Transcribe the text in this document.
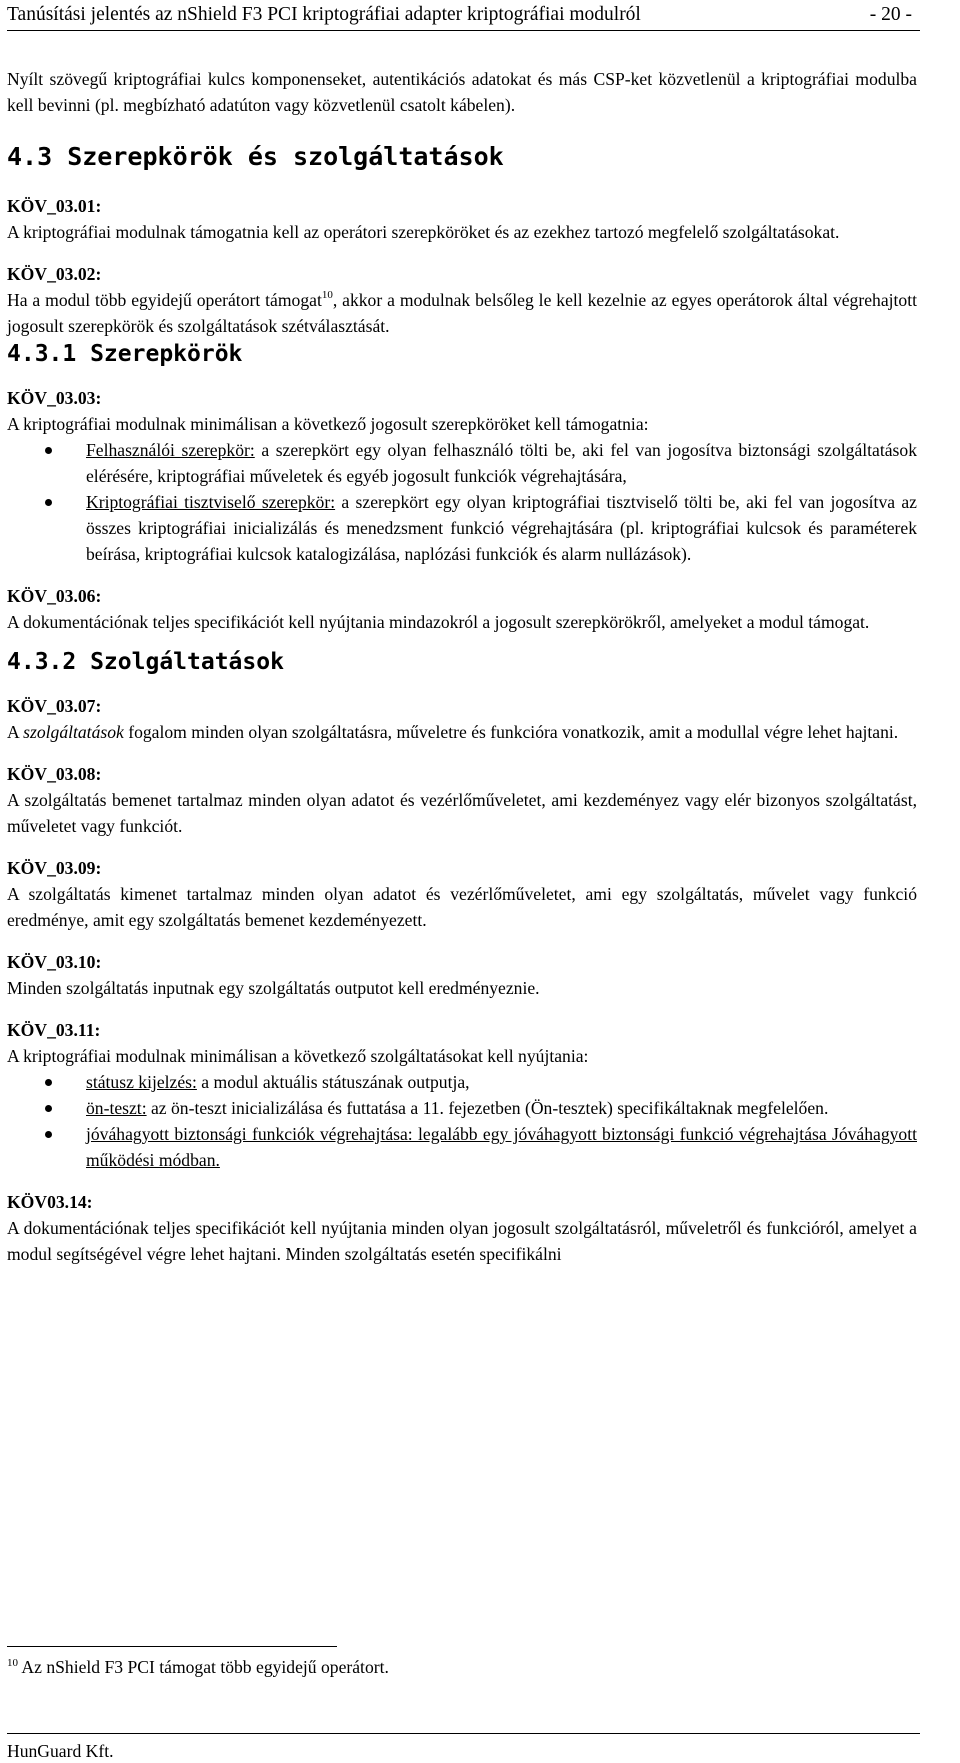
Tanúsítási jelentés az nShield F3 PCI kriptográfiai adapter kriptográfiai modulról	- 20 -

Nyílt szövegű kriptográfiai kulcs komponenseket, autentikációs adatokat és más CSP-ket közvetlenül a kriptográfiai modulba kell bevinni (pl. megbízható adatúton vagy közvetlenül csatolt kábelen).

4.3 Szerepkörök és szolgáltatások

KÖV_03.01:

A kriptográfiai modulnak támogatnia kell az operátori szerepköröket és az ezekhez tartozó megfelelő szolgáltatásokat.

KÖV_03.02:

Ha a modul több egyidejű operátort támogat$^{10}$, akkor a modulnak belsőleg le kell kezelnie az egyes operátorok által végrehajtott jogosult szerepkörök és szolgáltatások szétválasztását.

4.3.1 Szerepkörök

KÖV_03.03:

A kriptográfiai modulnak minimálisan a következő jogosult szerepköröket kell támogatnia:

Felhasználói szerepkör: a szerepkört egy olyan felhasználó tölti be, aki fel van jogosítva biztonsági szolgáltatások elérésére, kriptográfiai műveletek és egyéb jogosult funkciók végrehajtására,
Kriptográfiai tisztviselő szerepkör: a szerepkört egy olyan kriptográfiai tisztviselő tölti be, aki fel van jogosítva az összes kriptográfiai inicializálás és menedzsment funkció végrehajtására (pl. kriptográfiai kulcsok és paraméterek beírása, kriptográfiai kulcsok katalogizálása, naplózási funkciók és alarm nullázások).

KÖV_03.06:

A dokumentációnak teljes specifikációt kell nyújtania mindazokról a jogosult szerepkörökről, amelyeket a modul támogat.

4.3.2 Szolgáltatások

KÖV_03.07:

A szolgáltatások fogalom minden olyan szolgáltatásra, műveletre és funkcióra vonatkozik, amit a modullal végre lehet hajtani.

KÖV_03.08:

A szolgáltatás bemenet tartalmaz minden olyan adatot és vezérlőműveletet, ami kezdeményez vagy elér bizonyos szolgáltatást, műveletet vagy funkciót.

KÖV_03.09:

A szolgáltatás kimenet tartalmaz minden olyan adatot és vezérlőműveletet, ami egy szolgáltatás, művelet vagy funkció eredménye, amit egy szolgáltatás bemenet kezdeményezett.

KÖV_03.10:

Minden szolgáltatás inputnak egy szolgáltatás outputot kell eredményeznie.

KÖV_03.11:

A kriptográfiai modulnak minimálisan a következő szolgáltatásokat kell nyújtania:

státusz kijelzés: a modul aktuális státuszának outputja,
ön-teszt: az ön-teszt inicializálása és futtatása a 11. fejezetben (Ön-tesztek) specifikáltaknak megfelelően.
jóváhagyott biztonsági funkciók végrehajtása: legalább egy jóváhagyott biztonsági funkció végrehajtása Jóváhagyott működési módban.

KÖV03.14:

A dokumentációnak teljes specifikációt kell nyújtania minden olyan jogosult szolgáltatásról, műveletről és funkcióról, amelyet a modul segítségével végre lehet hajtani. Minden szolgáltatás esetén specifikálni

$^{10}$ Az nShield F3 PCI támogat több egyidejű operátort.
HunGuard Kft.
